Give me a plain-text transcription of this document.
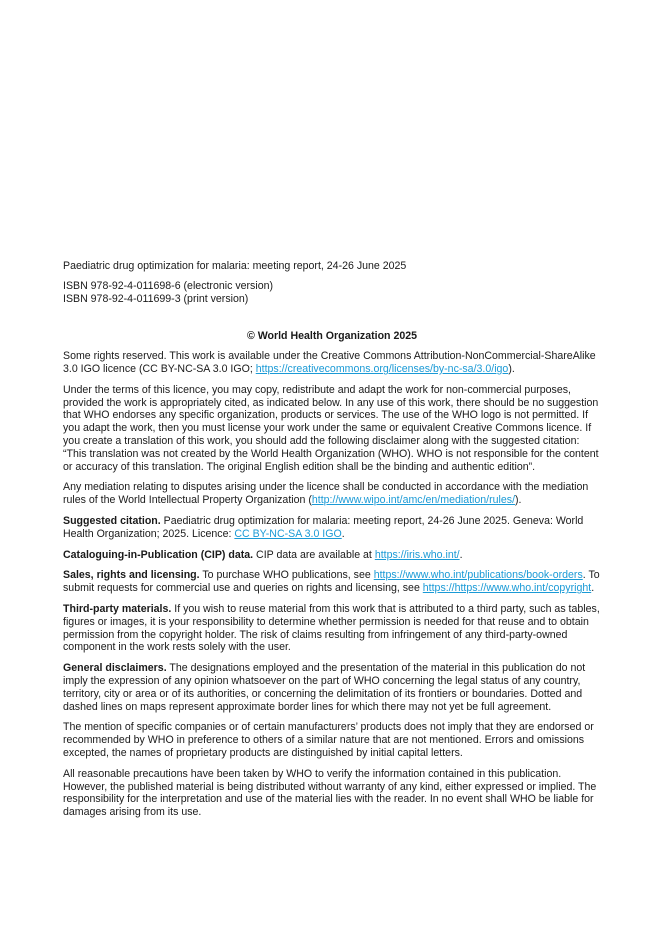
Paediatric drug optimization for malaria: meeting report, 24-26 June 2025

ISBN 978-92-4-011698-6 (electronic version)

ISBN 978-92-4-011699-3 (print version)

© World Health Organization 2025

Some rights reserved. This work is available under the Creative Commons Attribution-NonCommercial-ShareAlike 3.0 IGO licence (CC BY-NC-SA 3.0 IGO; https://creativecommons.org/licenses/by-nc-sa/3.0/igo).

Under the terms of this licence, you may copy, redistribute and adapt the work for non-commercial purposes, provided the work is appropriately cited, as indicated below. In any use of this work, there should be no suggestion that WHO endorses any specific organization, products or services. The use of the WHO logo is not permitted. If you adapt the work, then you must license your work under the same or equivalent Creative Commons licence. If you create a translation of this work, you should add the following disclaimer along with the suggested citation: “This translation was not created by the World Health Organization (WHO). WHO is not responsible for the content or accuracy of this translation. The original English edition shall be the binding and authentic edition”.

Any mediation relating to disputes arising under the licence shall be conducted in accordance with the mediation rules of the World Intellectual Property Organization (http://www.wipo.int/amc/en/mediation/rules/).

Suggested citation. Paediatric drug optimization for malaria: meeting report, 24-26 June 2025. Geneva: World Health Organization; 2025. Licence: CC BY-NC-SA 3.0 IGO.

Cataloguing-in-Publication (CIP) data. CIP data are available at https://iris.who.int/.

Sales, rights and licensing. To purchase WHO publications, see https://www.who.int/publications/book-orders. To submit requests for commercial use and queries on rights and licensing, see https://https://www.who.int/copyright.

Third-party materials. If you wish to reuse material from this work that is attributed to a third party, such as tables, figures or images, it is your responsibility to determine whether permission is needed for that reuse and to obtain permission from the copyright holder. The risk of claims resulting from infringement of any third-party-owned component in the work rests solely with the user.

General disclaimers. The designations employed and the presentation of the material in this publication do not imply the expression of any opinion whatsoever on the part of WHO concerning the legal status of any country, territory, city or area or of its authorities, or concerning the delimitation of its frontiers or boundaries. Dotted and dashed lines on maps represent approximate border lines for which there may not yet be full agreement.

The mention of specific companies or of certain manufacturers’ products does not imply that they are endorsed or recommended by WHO in preference to others of a similar nature that are not mentioned. Errors and omissions excepted, the names of proprietary products are distinguished by initial capital letters.

All reasonable precautions have been taken by WHO to verify the information contained in this publication. However, the published material is being distributed without warranty of any kind, either expressed or implied. The responsibility for the interpretation and use of the material lies with the reader. In no event shall WHO be liable for damages arising from its use.
